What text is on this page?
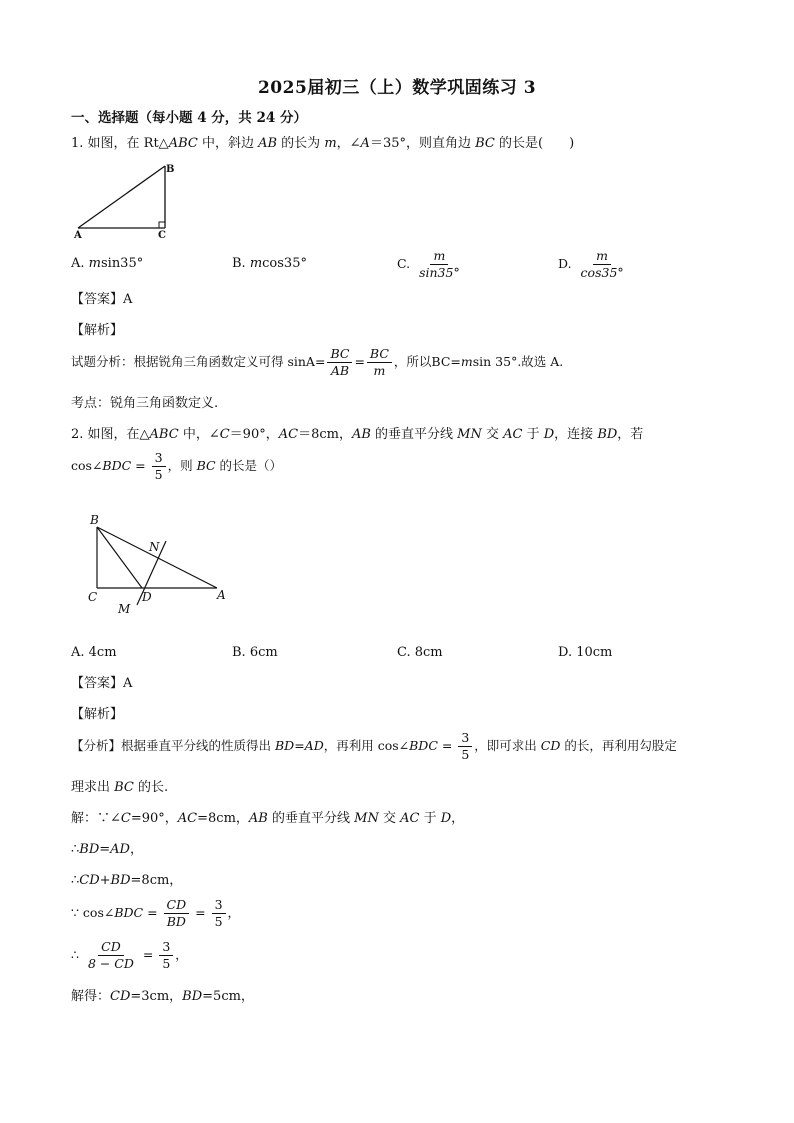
2025届初三（上）数学巩固练习 3
一、选择题（每小题 4 分，共 24 分）
1. 如图，在 Rt△ABC 中，斜边 AB 的长为 m，∠A＝35°，则直角边 BC 的长是(　　)
B
A	C
A. msin35°	B. mcos35°	C. $\frac{m}{\sin 35^\circ}$	D. $\frac{m}{\cos 35^\circ}$
【答案】A
【解析】
试题分析：根据锐角三角函数定义可得 $\sin A= \frac{BC}{AB} = \frac{BC}{m}$ ，所以BC=msin 35°.故选 A.
考点：锐角三角函数定义.
2. 如图，在△ABC 中，∠C＝90°，AC＝8cm，AB 的垂直平分线 MN 交 AC 于 D，连接 BD，若
cos∠BDC = $\frac{3}{5}$ ，则 BC 的长是（）
B
N
C
M
D	A
A. 4cm	B. 6cm	C. 8cm	D. 10cm
【答案】A
【解析】
【分析】根据垂直平分线的性质得出 BD=AD，再利用 cos∠BDC = $\frac{3}{5}$ ，即可求出 CD 的长，再利用勾股定
理求出 BC 的长.
解：∵∠C=90°，AC=8cm，AB 的垂直平分线 MN 交 AC 于 D，
∴BD=AD，
∴CD+BD=8cm，
∵ cos∠BDC = $\frac{CD}{BD} = \frac{3}{5}$ ，
∴ $\frac{CD}{8 - CD} = \frac{3}{5}$ ，
解得：CD=3cm，BD=5cm，
